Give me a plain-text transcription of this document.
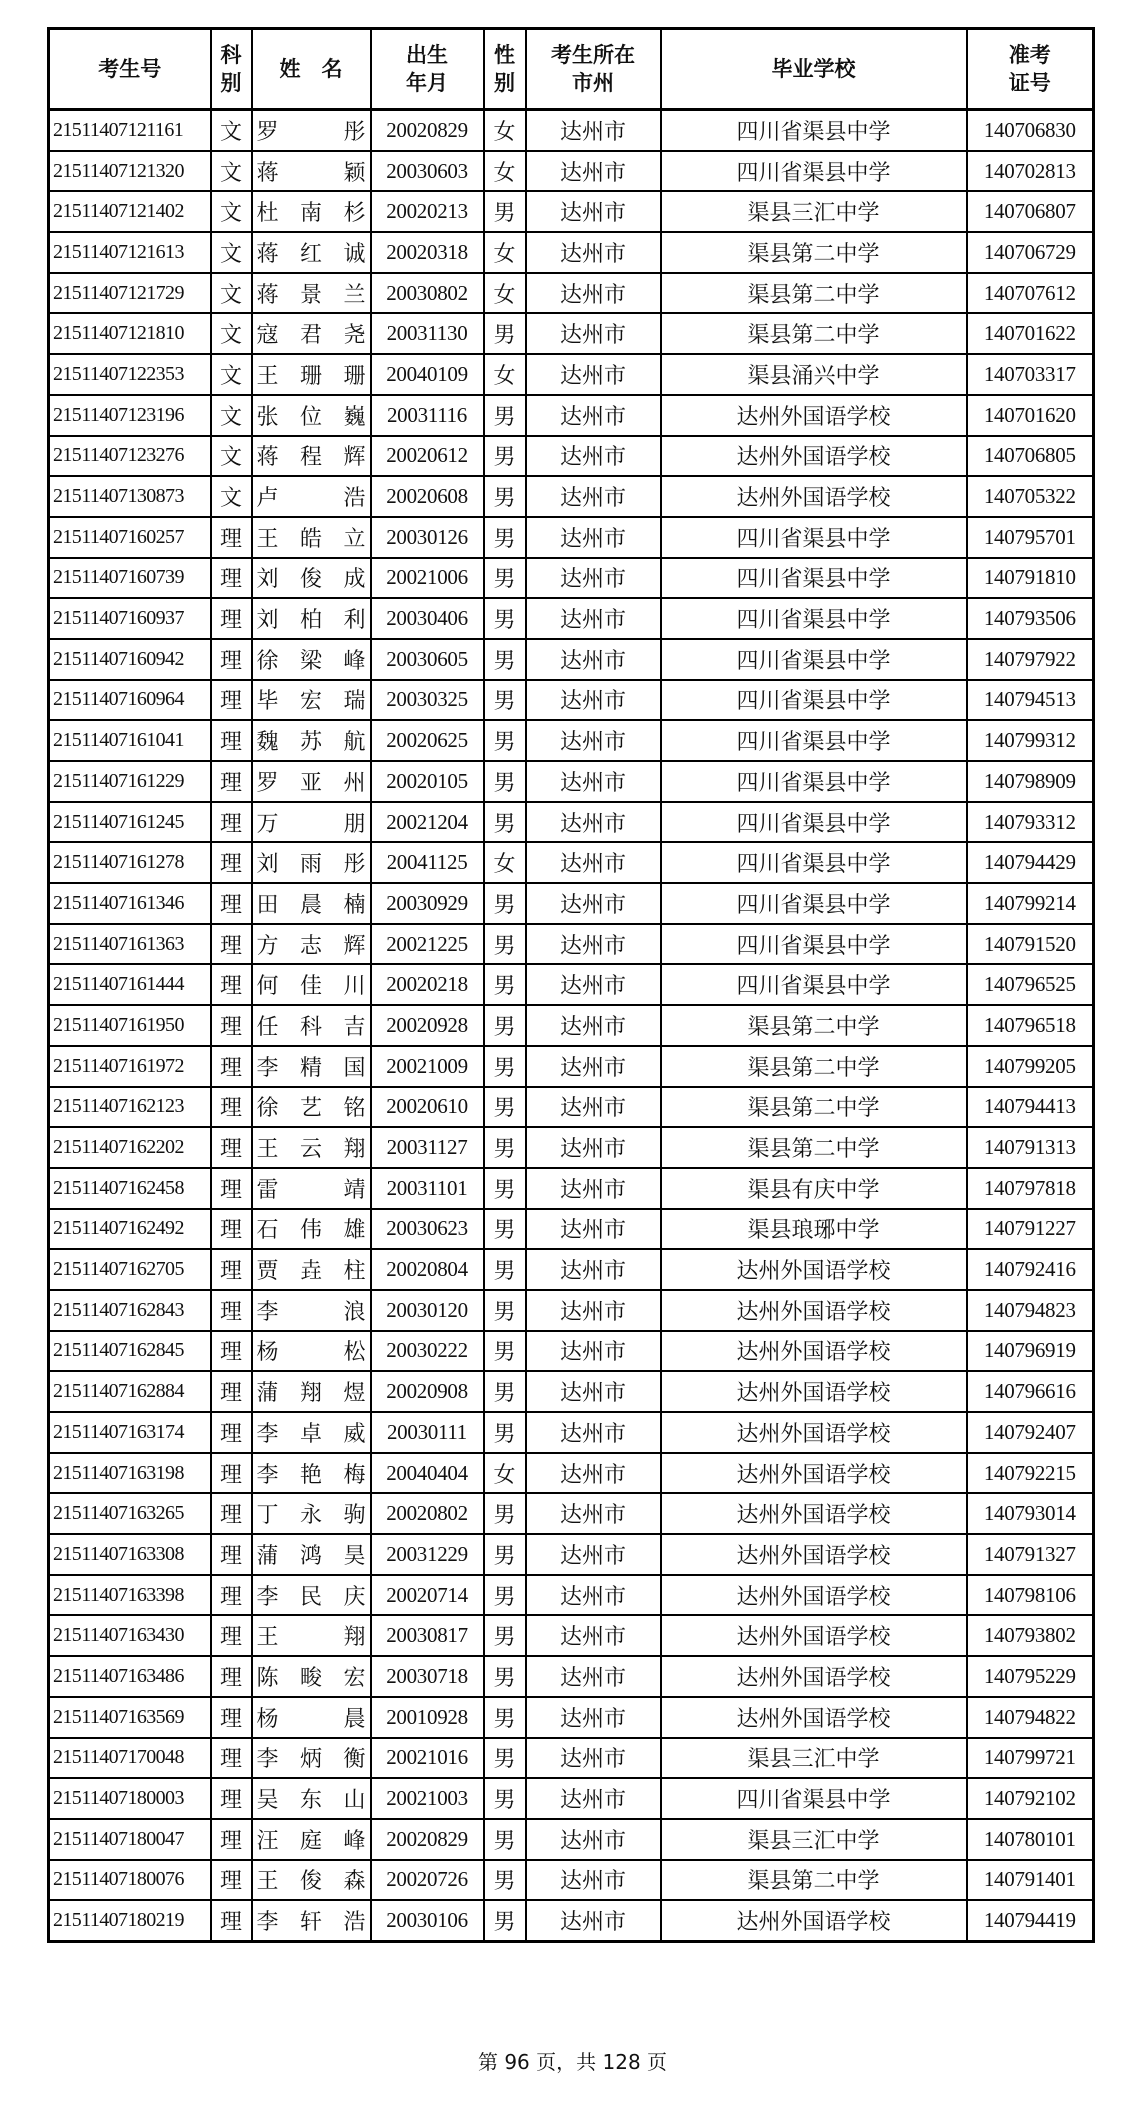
考生号	科别	姓　名	出生年月	性别	考生所在市州	毕业学校	准考证号
21511407121161	文	罗彤	20020829	女	达州市	四川省渠县中学	140706830
21511407121320	文	蒋颖	20030603	女	达州市	四川省渠县中学	140702813
21511407121402	文	杜南杉	20020213	男	达州市	渠县三汇中学	140706807
21511407121613	文	蒋红诚	20020318	女	达州市	渠县第二中学	140706729
21511407121729	文	蒋景兰	20030802	女	达州市	渠县第二中学	140707612
21511407121810	文	寇君尧	20031130	男	达州市	渠县第二中学	140701622
21511407122353	文	王珊珊	20040109	女	达州市	渠县涌兴中学	140703317
21511407123196	文	张位巍	20031116	男	达州市	达州外国语学校	140701620
21511407123276	文	蒋程辉	20020612	男	达州市	达州外国语学校	140706805
21511407130873	文	卢浩	20020608	男	达州市	达州外国语学校	140705322
21511407160257	理	王皓立	20030126	男	达州市	四川省渠县中学	140795701
21511407160739	理	刘俊成	20021006	男	达州市	四川省渠县中学	140791810
21511407160937	理	刘柏利	20030406	男	达州市	四川省渠县中学	140793506
21511407160942	理	徐梁峰	20030605	男	达州市	四川省渠县中学	140797922
21511407160964	理	毕宏瑞	20030325	男	达州市	四川省渠县中学	140794513
21511407161041	理	魏苏航	20020625	男	达州市	四川省渠县中学	140799312
21511407161229	理	罗亚州	20020105	男	达州市	四川省渠县中学	140798909
21511407161245	理	万朋	20021204	男	达州市	四川省渠县中学	140793312
21511407161278	理	刘雨彤	20041125	女	达州市	四川省渠县中学	140794429
21511407161346	理	田晨楠	20030929	男	达州市	四川省渠县中学	140799214
21511407161363	理	方志辉	20021225	男	达州市	四川省渠县中学	140791520
21511407161444	理	何佳川	20020218	男	达州市	四川省渠县中学	140796525
21511407161950	理	任科吉	20020928	男	达州市	渠县第二中学	140796518
21511407161972	理	李精国	20021009	男	达州市	渠县第二中学	140799205
21511407162123	理	徐艺铭	20020610	男	达州市	渠县第二中学	140794413
21511407162202	理	王云翔	20031127	男	达州市	渠县第二中学	140791313
21511407162458	理	雷靖	20031101	男	达州市	渠县有庆中学	140797818
21511407162492	理	石伟雄	20030623	男	达州市	渠县琅琊中学	140791227
21511407162705	理	贾垚柱	20020804	男	达州市	达州外国语学校	140792416
21511407162843	理	李浪	20030120	男	达州市	达州外国语学校	140794823
21511407162845	理	杨松	20030222	男	达州市	达州外国语学校	140796919
21511407162884	理	蒲翔煜	20020908	男	达州市	达州外国语学校	140796616
21511407163174	理	李卓威	20030111	男	达州市	达州外国语学校	140792407
21511407163198	理	李艳梅	20040404	女	达州市	达州外国语学校	140792215
21511407163265	理	丁永驹	20020802	男	达州市	达州外国语学校	140793014
21511407163308	理	蒲鸿昊	20031229	男	达州市	达州外国语学校	140791327
21511407163398	理	李民庆	20020714	男	达州市	达州外国语学校	140798106
21511407163430	理	王翔	20030817	男	达州市	达州外国语学校	140793802
21511407163486	理	陈畯宏	20030718	男	达州市	达州外国语学校	140795229
21511407163569	理	杨晨	20010928	男	达州市	达州外国语学校	140794822
21511407170048	理	李炳衡	20021016	男	达州市	渠县三汇中学	140799721
21511407180003	理	吴东山	20021003	男	达州市	四川省渠县中学	140792102
21511407180047	理	汪庭峰	20020829	男	达州市	渠县三汇中学	140780101
21511407180076	理	王俊森	20020726	男	达州市	渠县第二中学	140791401
21511407180219	理	李轩浩	20030106	男	达州市	达州外国语学校	140794419
第 96 页，共 128 页
